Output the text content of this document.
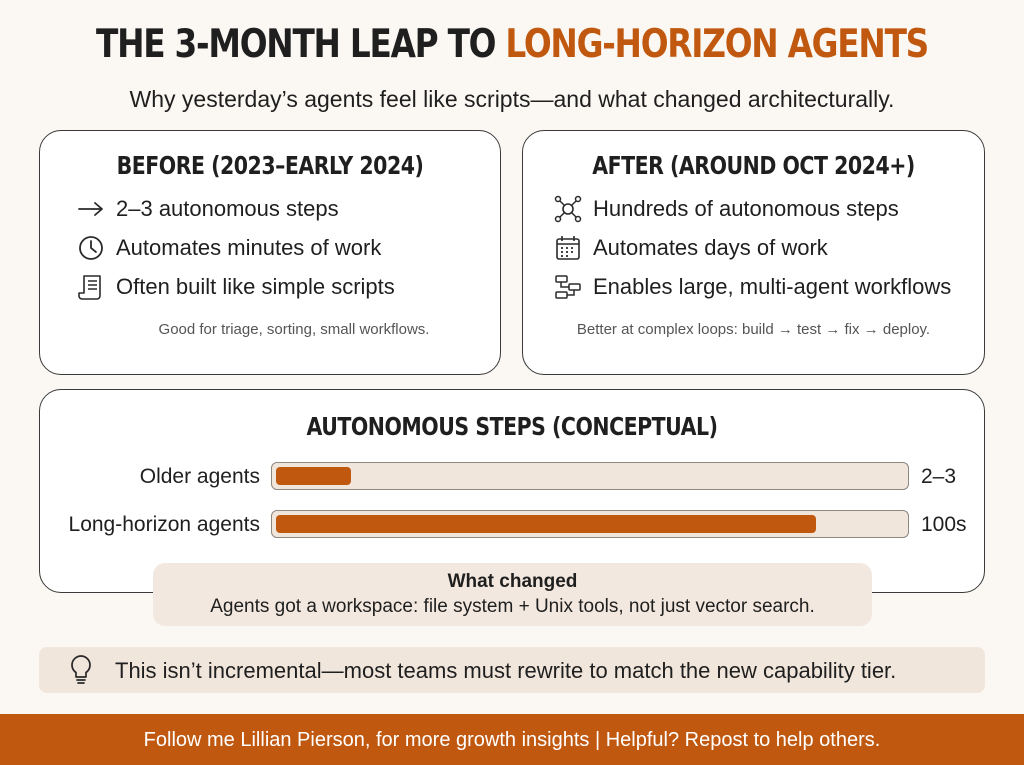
THE 3-MONTH LEAP TO LONG-HORIZON AGENTS
Why yesterday’s agents feel like scripts—and what changed architecturally.
BEFORE (2023–EARLY 2024)
2–3 autonomous steps
Automates minutes of work
Often built like simple scripts
Good for triage, sorting, small workflows.
AFTER (AROUND OCT 2024+)
Hundreds of autonomous steps
Automates days of work
Enables large, multi-agent workflows
Better at complex loops: build → test → fix → deploy.
AUTONOMOUS STEPS (CONCEPTUAL)
Older agents	2–3
Long-horizon agents	100s
What changed
Agents got a workspace: file system + Unix tools, not just vector search.
This isn’t incremental—most teams must rewrite to match the new capability tier.
Follow me Lillian Pierson, for more growth insights | Helpful? Repost to help others.
